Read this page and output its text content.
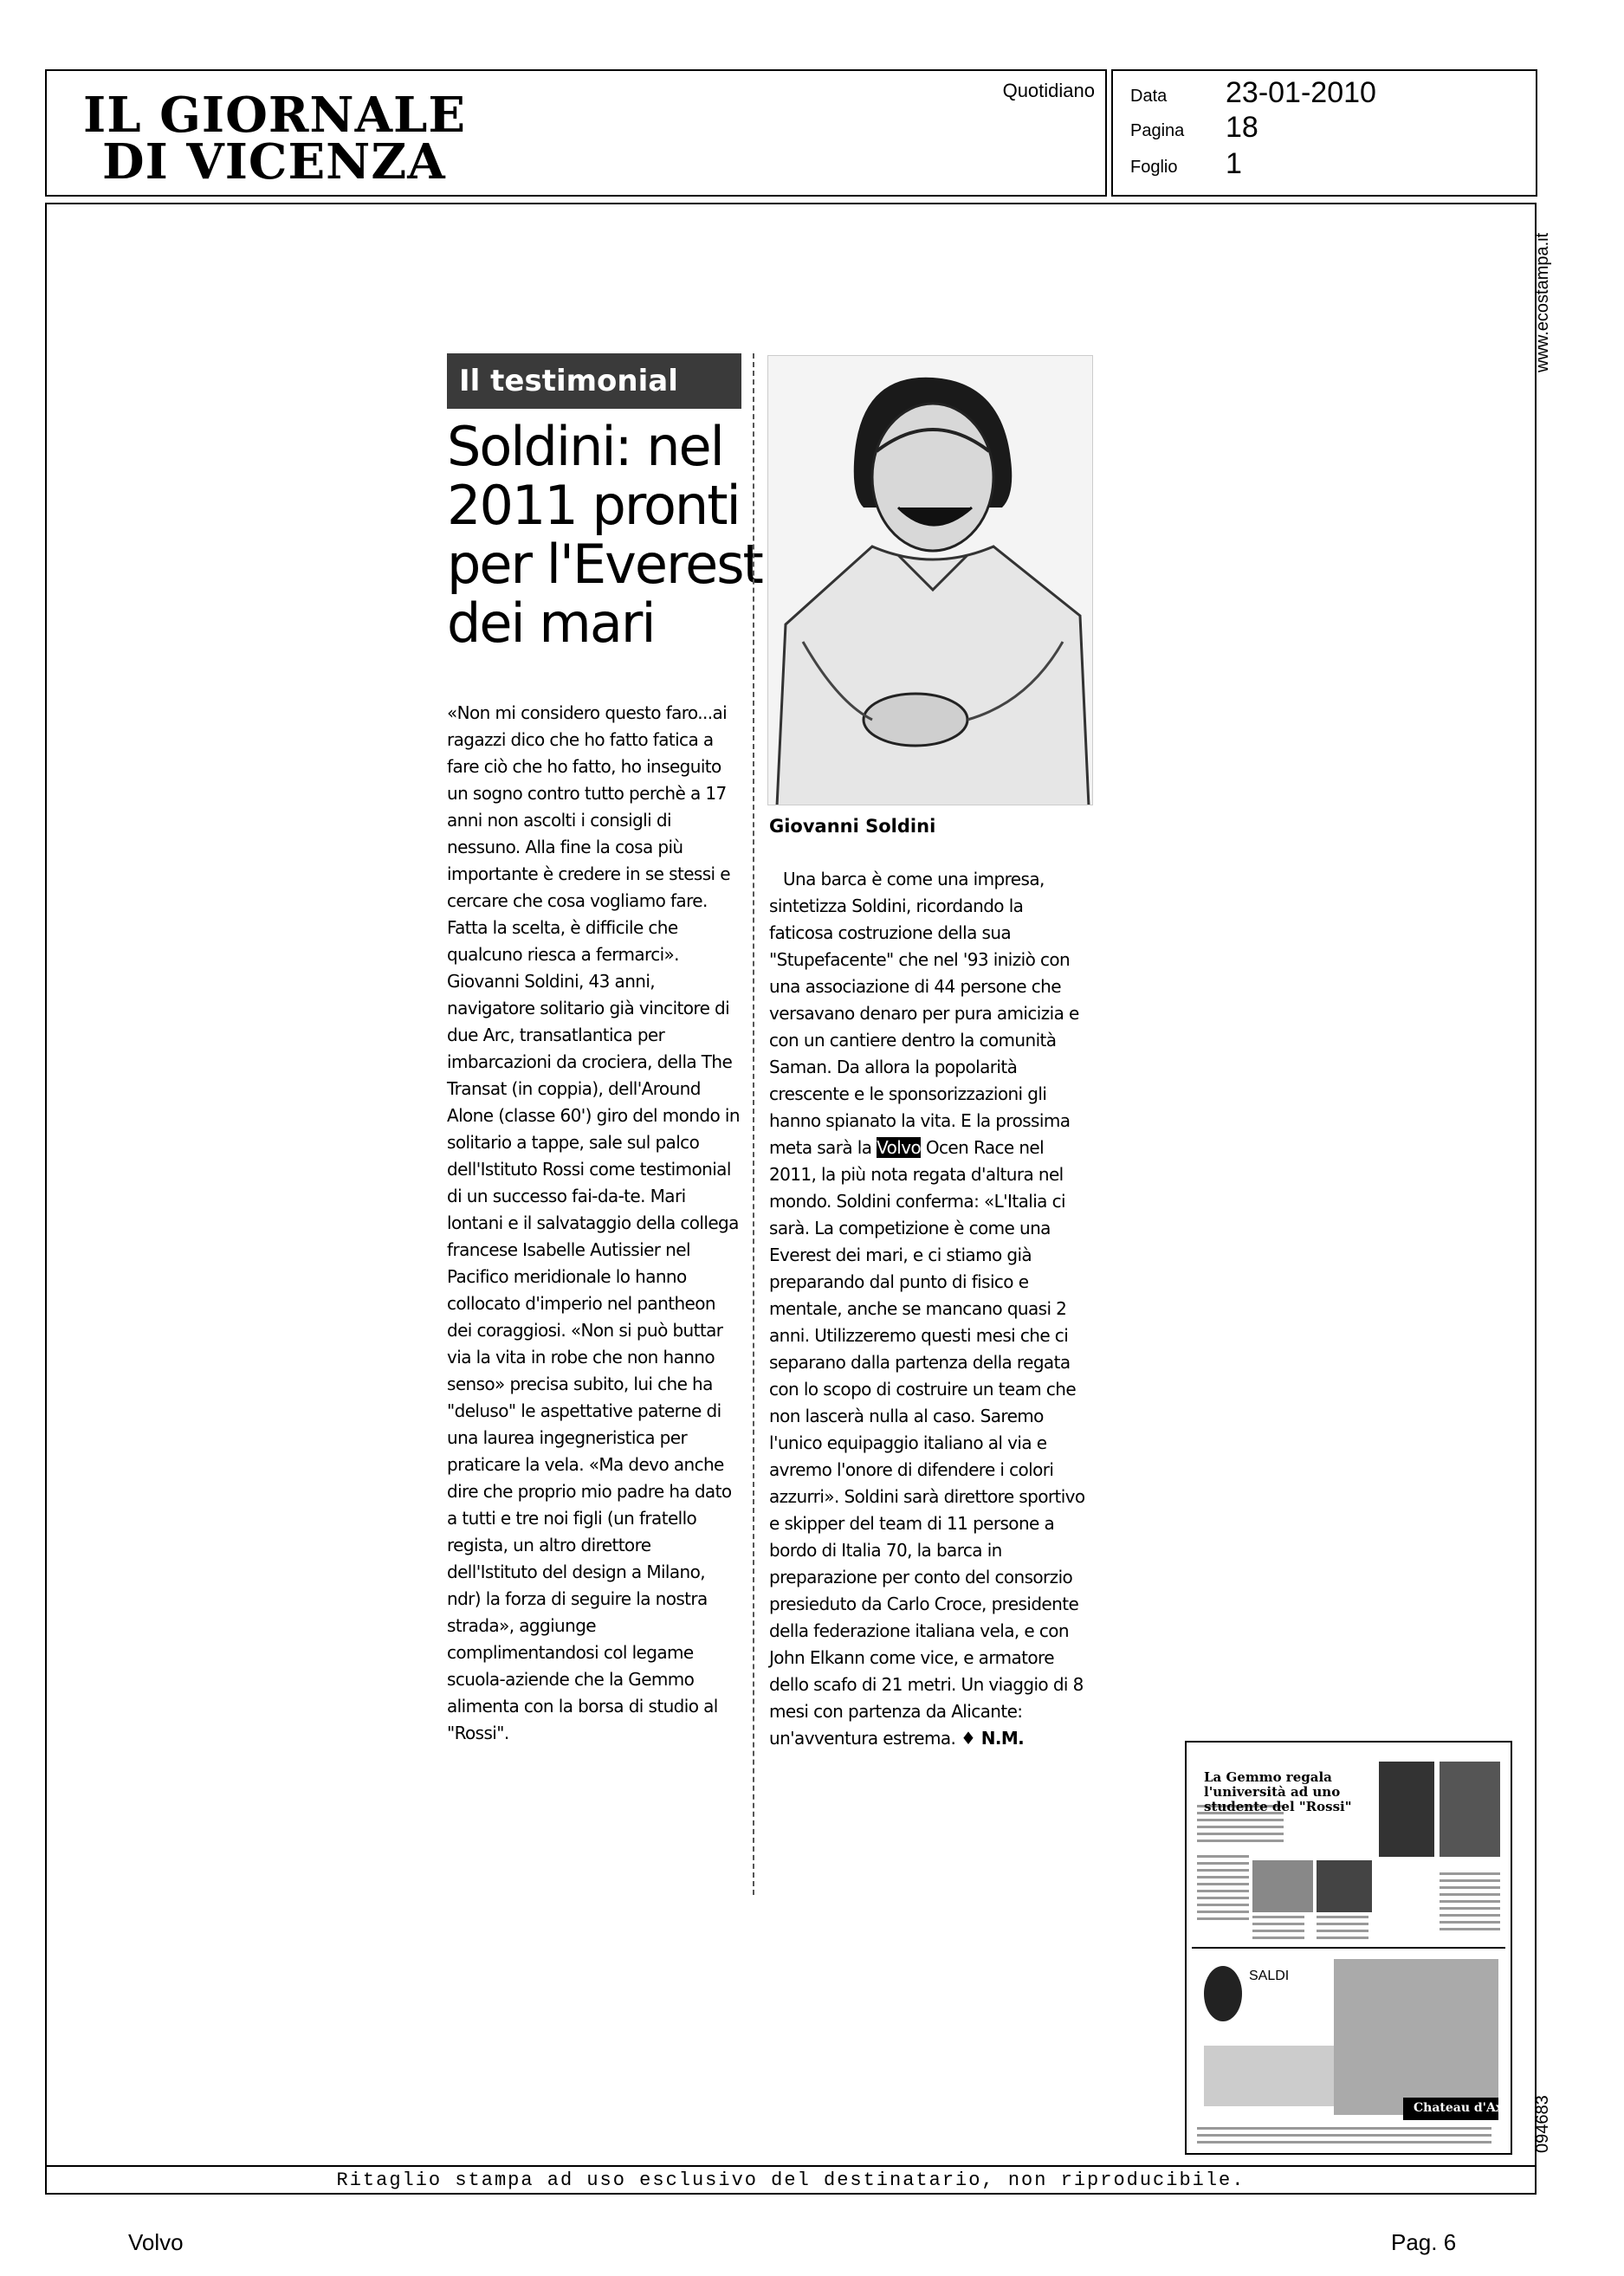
IL GIORNALE
DI VICENZA
Quotidiano Data 23-01-2010
Pagina 18
Foglio 1
Ritaglio stampa ad uso esclusivo del destinatario, non riproducibile.
www.ecostampa.it
094683
Il testimonial
Soldini: nel 2011 pronti per l'Everest dei mari
«Non mi considero questo faro...ai ragazzi dico che ho fatto fatica a fare ciò che ho fatto, ho inseguito un sogno contro tutto perchè a 17 anni non ascolti i consigli di nessuno. Alla fine la cosa più importante è credere in se stessi e cercare che cosa vogliamo fare. Fatta la scelta, è difficile che qualcuno riesca a fermarci». Giovanni Soldini, 43 anni, navigatore solitario già vincitore di due Arc, transatlantica per imbarcazioni da crociera, della The Transat (in coppia), dell'Around Alone (classe 60') giro del mondo in solitario a tappe, sale sul palco dell'Istituto Rossi come testimonial di un successo fai-da-te. Mari lontani e il salvataggio della collega francese Isabelle Autissier nel Pacifico meridionale lo hanno collocato d'imperio nel pantheon dei coraggiosi. «Non si può buttar via la vita in robe che non hanno senso» precisa subito, lui che ha "deluso" le aspettative paterne di una laurea ingegneristica per praticare la vela. «Ma devo anche dire che proprio mio padre ha dato a tutti e tre noi figli (un fratello regista, un altro direttore dell'Istituto del design a Milano, ndr) la forza di seguire la nostra strada», aggiunge complimentandosi col legame scuola-aziende che la Gemmo alimenta con la borsa di studio al "Rossi".
Giovanni Soldini

Una barca è come una impresa, sintetizza Soldini, ricordando la faticosa costruzione della sua "Stupefacente" che nel '93 iniziò con una associazione di 44 persone che versavano denaro per pura amicizia e con un cantiere dentro la comunità Saman. Da allora la popolarità crescente e le sponsorizzazioni gli hanno spianato la vita. E la prossima meta sarà la Volvo Ocen Race nel 2011, la più nota regata d'altura nel mondo. Soldini conferma: «L'Italia ci sarà. La competizione è come una Everest dei mari, e ci stiamo già preparando dal punto di fisico e mentale, anche se mancano quasi 2 anni. Utilizzeremo questi mesi che ci separano dalla partenza della regata con lo scopo di costruire un team che non lascerà nulla al caso. Saremo l'unico equipaggio italiano al via e avremo l'onore di difendere i colori azzurri». Soldini sarà direttore sportivo e skipper del team di 11 persone a bordo di Italia 70, la barca in preparazione per conto del consorzio presieduto da Carlo Croce, presidente della federazione italiana vela, e con John Elkann come vice, e armatore dello scafo di 21 metri. Un viaggio di 8 mesi con partenza da Alicante: un'avventura estrema. ♦ N.M.

La Gemmo regala l'università ad uno studente del "Rossi"
SALDI
Chateau d'Ax
Volvo	Pag. 6
